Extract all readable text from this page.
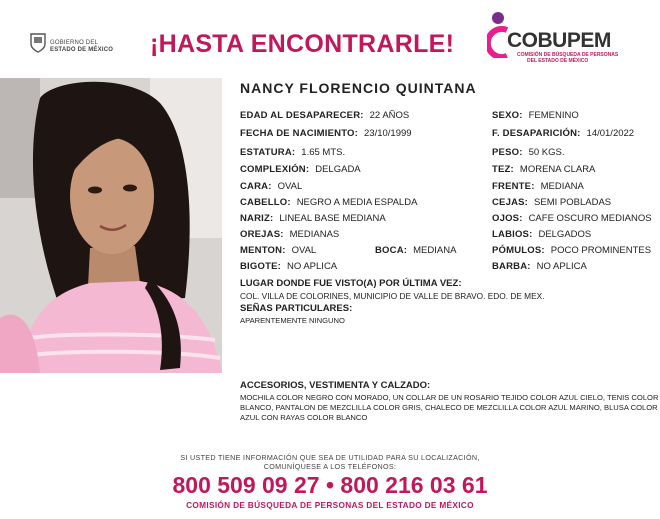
GOBIERNO DEL
ESTADO DE MÉXICO ¡HASTA ENCONTRARLE!	COBUPEM
COMISIÓN DE BÚSQUEDA DE PERSONAS
DEL ESTADO DE MÉXICO
NANCY FLORENCIO QUINTANA
EDAD AL DESAPARECER: 22 AÑOS	SEXO: FEMENINO
FECHA DE NACIMIENTO: 23/10/1999	F. DESAPARICIÓN: 14/01/2022
ESTATURA: 1.65 MTS.	PESO: 50 KGS.
COMPLEXIÓN: DELGADA	TEZ: MORENA CLARA
CARA: OVAL	FRENTE: MEDIANA
CABELLO: NEGRO A MEDIA ESPALDA	CEJAS: SEMI POBLADAS
NARIZ: LINEAL BASE MEDIANA	OJOS: CAFE OSCURO MEDIANOS
OREJAS: MEDIANAS	LABIOS: DELGADOS
MENTON: OVAL	BOCA: MEDIANA	PÓMULOS: POCO PROMINENTES
BIGOTE: NO APLICA	BARBA: NO APLICA
LUGAR DONDE FUE VISTO(A) POR ÚLTIMA VEZ:
COL. VILLA DE COLORINES, MUNICIPIO DE VALLE DE BRAVO. EDO. DE MEX.
SEÑAS PARTICULARES:
APARENTEMENTE NINGUNO
ACCESORIOS, VESTIMENTA Y CALZADO:
MOCHILA COLOR NEGRO CON MORADO, UN COLLAR DE UN ROSARIO TEJIDO COLOR AZUL CIELO, TENIS COLOR BLANCO, PANTALON DE MEZCLILLA COLOR GRIS, CHALECO DE MEZCLILLA COLOR AZUL MARINO, BLUSA COLOR AZUL CON RAYAS COLOR BLANCO
SI USTED TIENE INFORMACIÓN QUE SEA DE UTILIDAD PARA SU LOCALIZACIÓN,
COMUNÍQUESE A LOS TELÉFONOS:
800 509 09 27 • 800 216 03 61
COMISIÓN DE BÚSQUEDA DE PERSONAS DEL ESTADO DE MÉXICO
